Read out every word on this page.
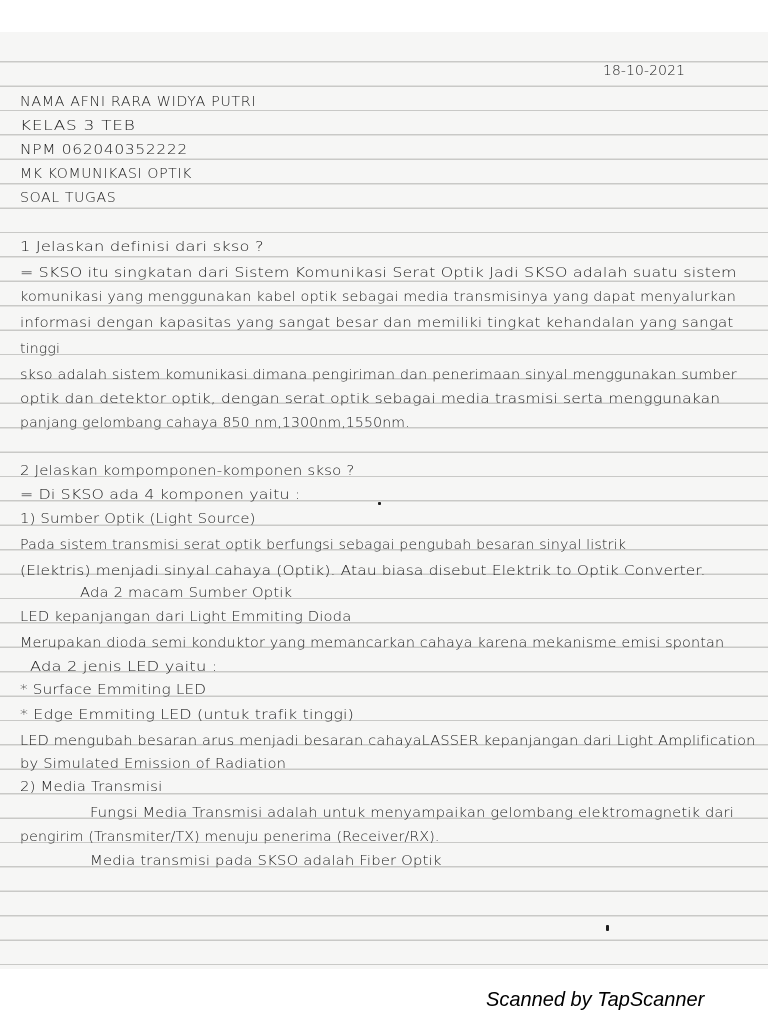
18-10-2021
NAMA AFNI RARA WIDYA PUTRI
KELAS 3 TEB
NPM 062040352222
MK KOMUNIKASI OPTIK
SOAL TUGAS
1 Jelaskan definisi dari skso ?
= SKSO itu singkatan dari Sistem Komunikasi Serat Optik Jadi SKSO adalah suatu sistem
komunikasi yang menggunakan kabel optik sebagai media transmisinya yang dapat menyalurkan
informasi dengan kapasitas yang sangat besar dan memiliki tingkat kehandalan yang sangat
tinggi
skso adalah sistem komunikasi dimana pengiriman dan penerimaan sinyal menggunakan sumber
optik dan detektor optik, dengan serat optik sebagai media trasmisi serta menggunakan
panjang gelombang cahaya 850 nm,1300nm,1550nm.
2 Jelaskan kompomponen-komponen skso ?
= Di SKSO ada 4 komponen yaitu :
1) Sumber Optik (Light Source)
Pada sistem transmisi serat optik berfungsi sebagai pengubah besaran sinyal listrik
(Elektris) menjadi sinyal cahaya (Optik). Atau biasa disebut Elektrik to Optik Converter.
Ada 2 macam Sumber Optik
LED kepanjangan dari Light Emmiting Dioda
Merupakan dioda semi konduktor yang memancarkan cahaya karena mekanisme emisi spontan
Ada 2 jenis LED yaitu :
* Surface Emmiting LED
* Edge Emmiting LED (untuk trafik tinggi)
LED mengubah besaran arus menjadi besaran cahayaLASSER kepanjangan dari Light Amplification
by Simulated Emission of Radiation
2) Media Transmisi
Fungsi Media Transmisi adalah untuk menyampaikan gelombang elektromagnetik dari
pengirim (Transmiter/TX) menuju penerima (Receiver/RX).
Media transmisi pada SKSO adalah Fiber Optik
Scanned by TapScanner
